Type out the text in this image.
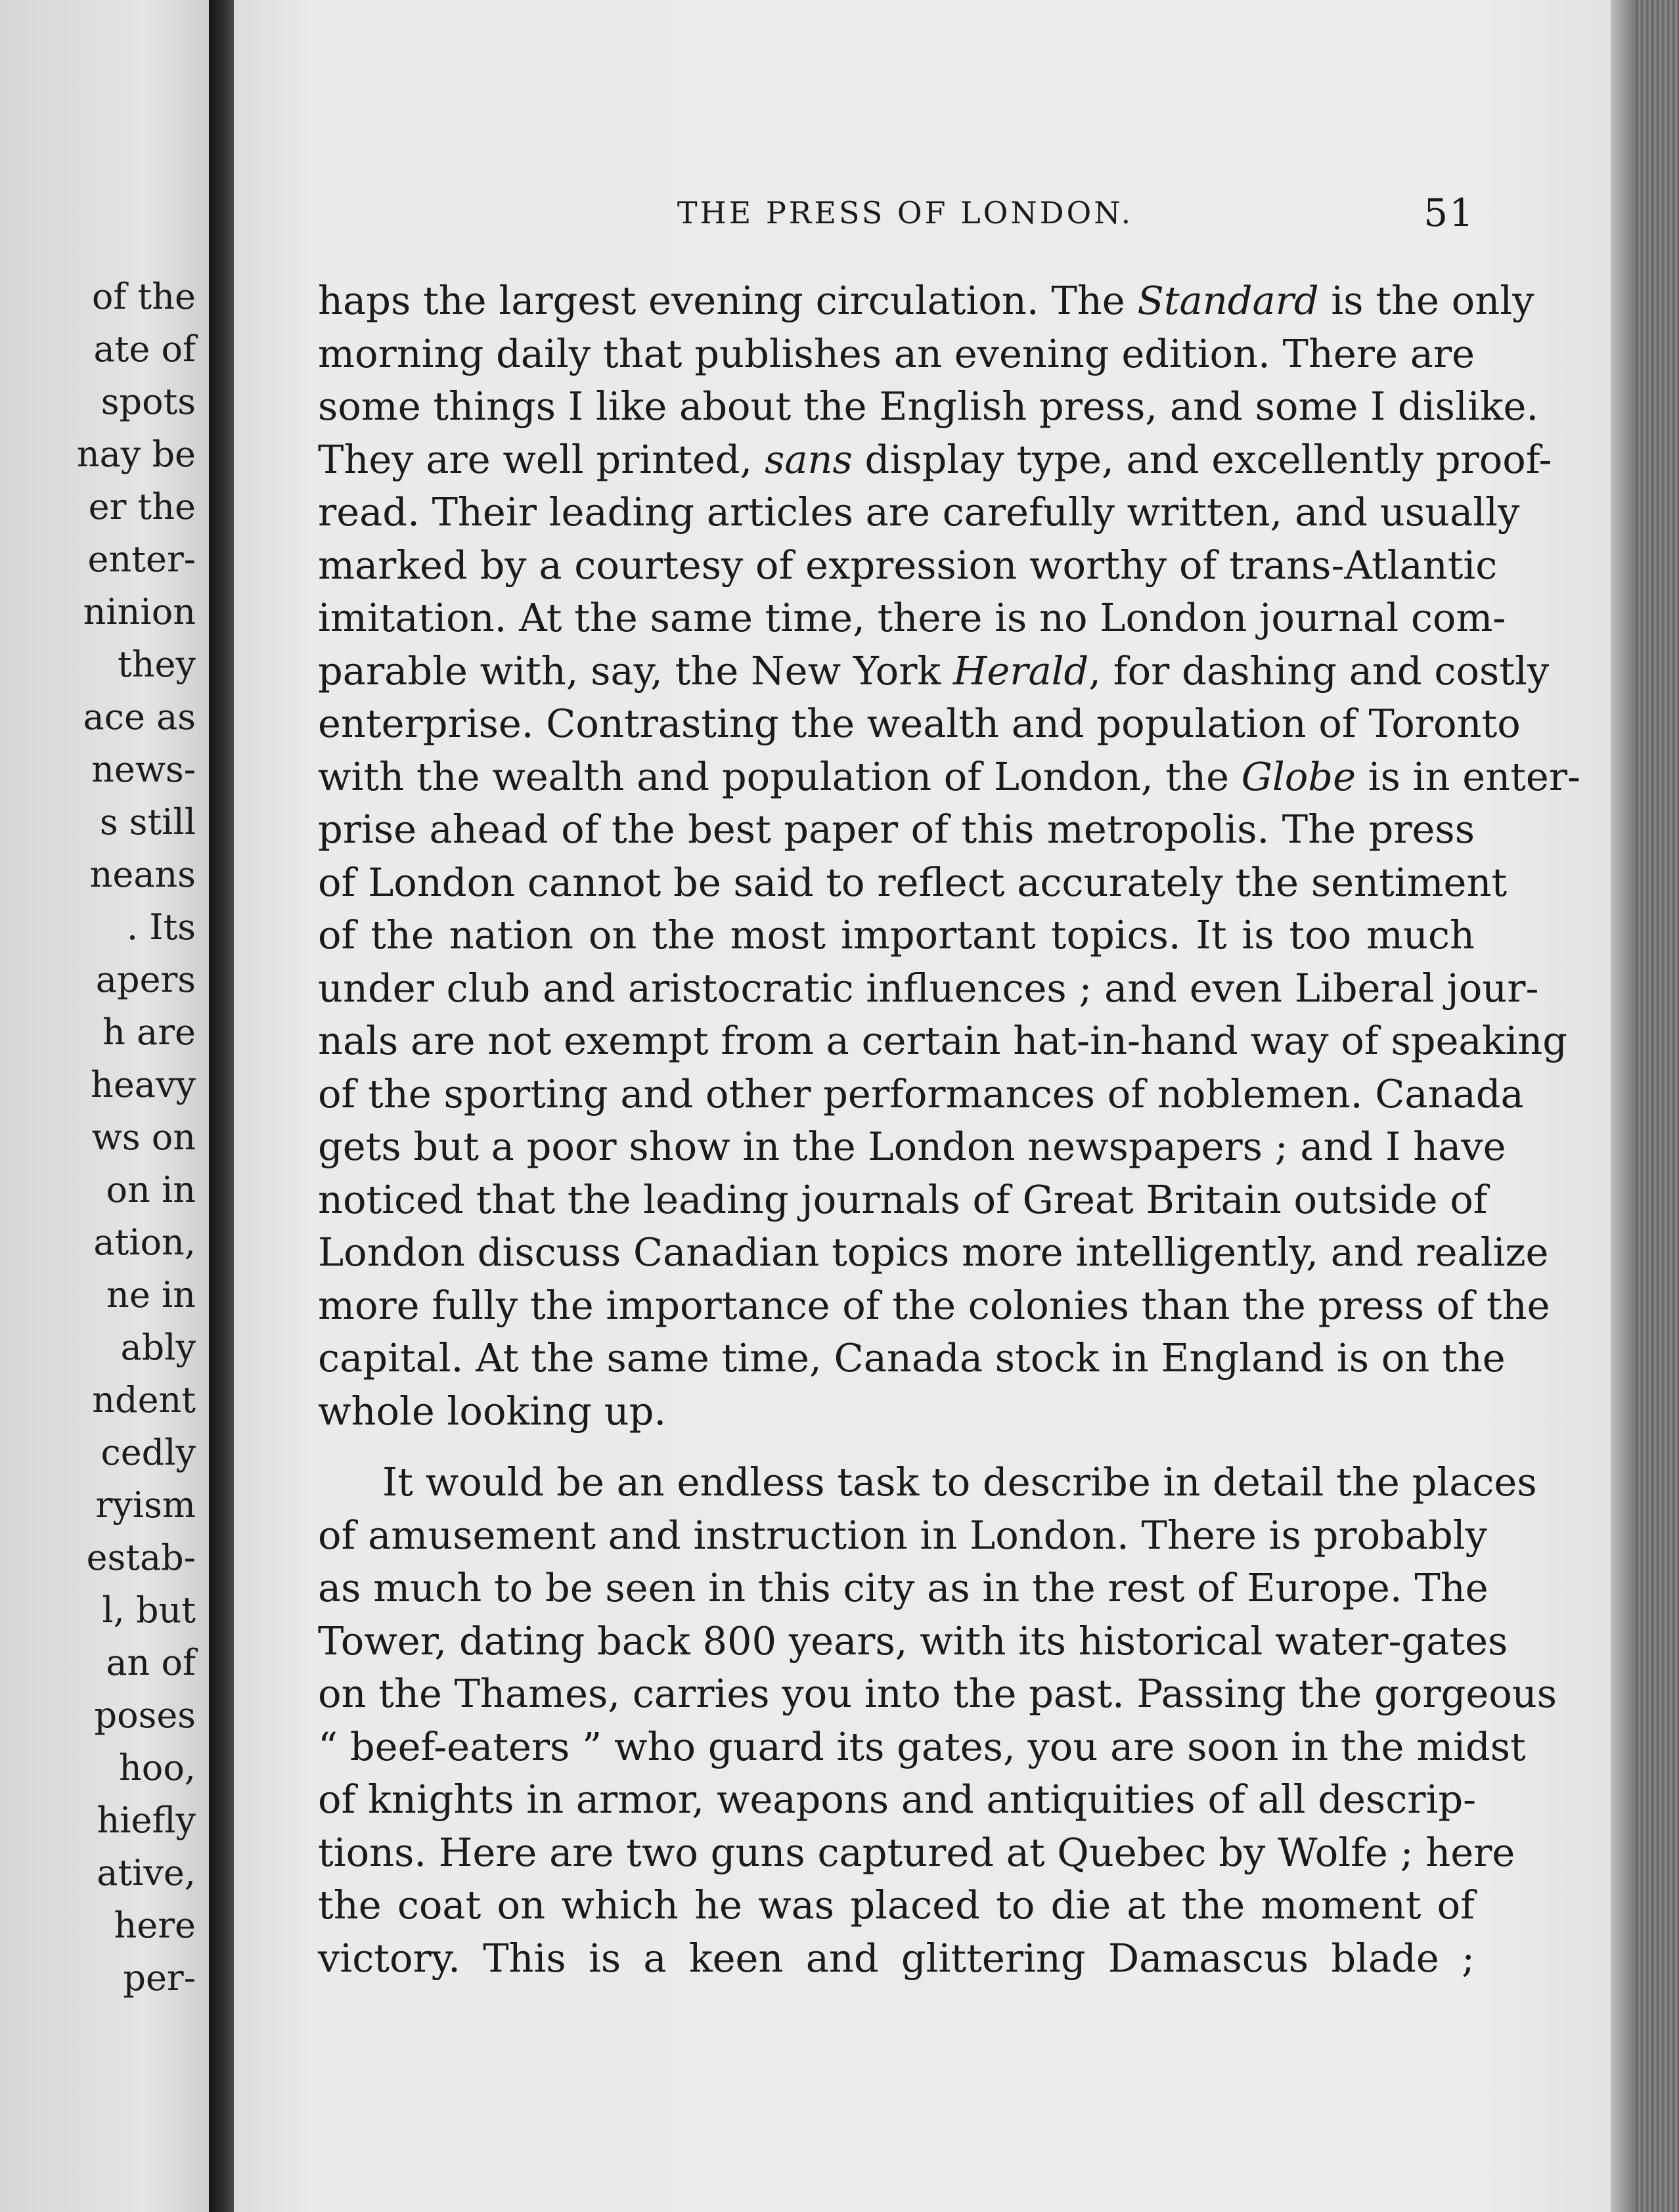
of the
ate of
spots
nay be
er the
enter-
ninion
they
ace as
news-
s still
neans
. Its
apers
h are
heavy
ws on
on in
ation,
ne in
ably
ndent
cedly
ryism
estab-
l, but
an of
poses
hoo,
hiefly
ative,
here
per-
THE PRESS OF LONDON.	51

haps the largest evening circulation. The Standard is the only

morning daily that publishes an evening edition. There are

some things I like about the English press, and some I dislike.

They are well printed, sans display type, and excellently proof-

read. Their leading articles are carefully written, and usually

marked by a courtesy of expression worthy of trans-Atlantic

imitation. At the same time, there is no London journal com-

parable with, say, the New York Herald, for dashing and costly

enterprise. Contrasting the wealth and population of Toronto

with the wealth and population of London, the Globe is in enter-

prise ahead of the best paper of this metropolis. The press

of London cannot be said to reflect accurately the sentiment

of the nation on the most important topics. It is too much

under club and aristocratic influences ; and even Liberal jour-

nals are not exempt from a certain hat-in-hand way of speaking

of the sporting and other performances of noblemen. Canada

gets but a poor show in the London newspapers ; and I have

noticed that the leading journals of Great Britain outside of

London discuss Canadian topics more intelligently, and realize

more fully the importance of the colonies than the press of the

capital. At the same time, Canada stock in England is on the

whole looking up.

It would be an endless task to describe in detail the places

of amusement and instruction in London. There is probably

as much to be seen in this city as in the rest of Europe. The

Tower, dating back 800 years, with its historical water-gates

on the Thames, carries you into the past. Passing the gorgeous

“ beef-eaters ” who guard its gates, you are soon in the midst

of knights in armor, weapons and antiquities of all descrip-

tions. Here are two guns captured at Quebec by Wolfe ; here

the coat on which he was placed to die at the moment of

victory. This is a keen and glittering Damascus blade ;
